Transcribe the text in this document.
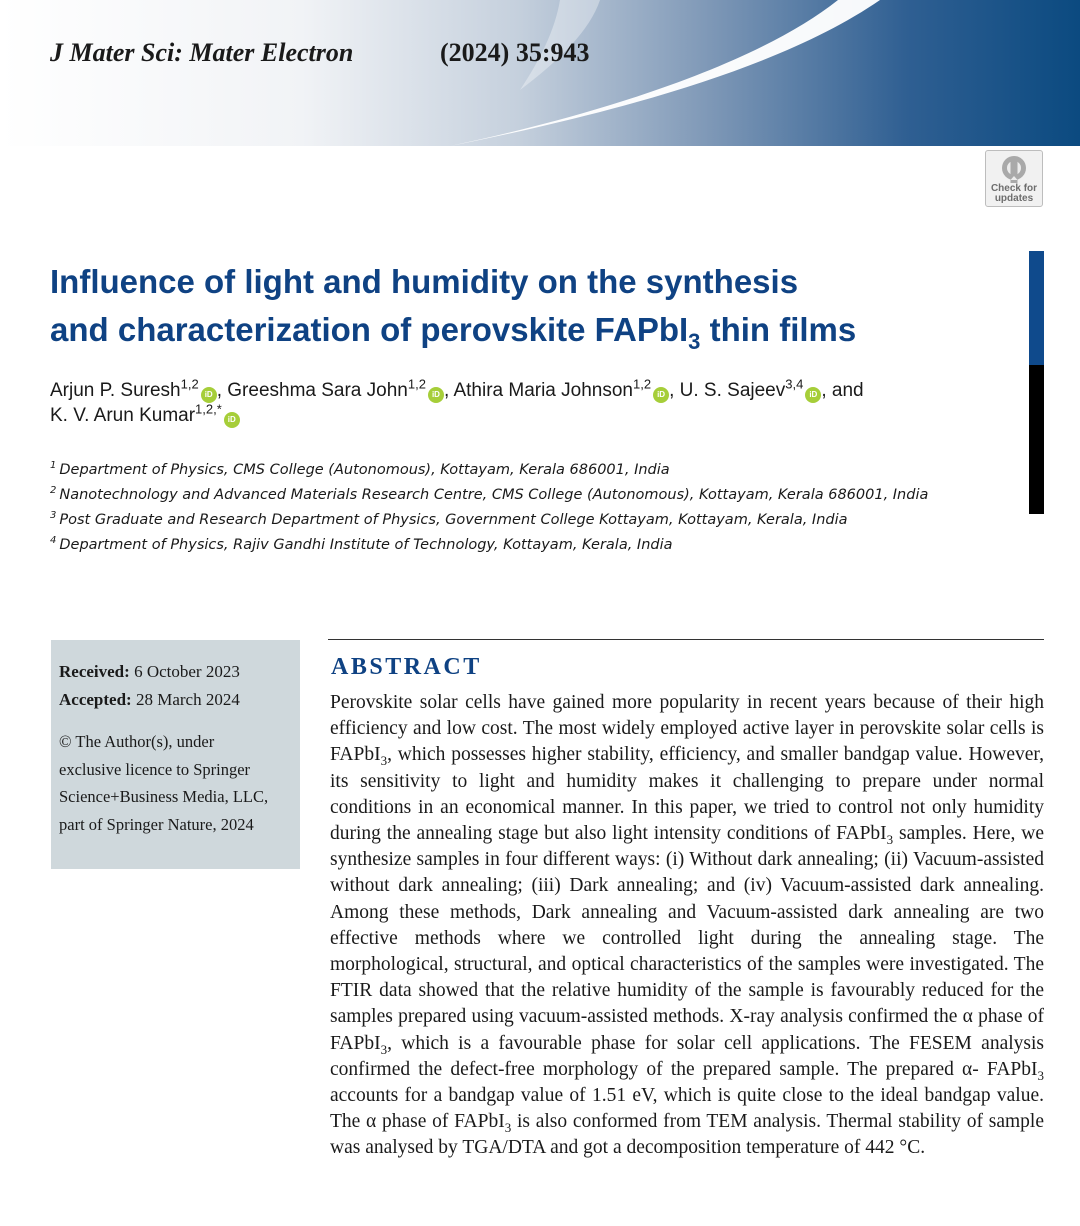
J Mater Sci: Mater Electron	(2024) 35:943
Check for
updates
Influence of light and humidity on the synthesis
and characterization of perovskite FAPbI$_3$ thin films
Arjun P. Suresh$^{1,2}$iD , Greeshma Sara John$^{1,2}$iD , Athira Maria Johnson$^{1,2}$iD , U. S. Sajeev$^{3,4}$iD , and
K. V. Arun Kumar$^{1,2,*}$iD
$^1$ Department of Physics, CMS College (Autonomous), Kottayam, Kerala 686001, India
$^2$ Nanotechnology and Advanced Materials Research Centre, CMS College (Autonomous), Kottayam, Kerala 686001, India
$^3$ Post Graduate and Research Department of Physics, Government College Kottayam, Kottayam, Kerala, India
$^4$ Department of Physics, Rajiv Gandhi Institute of Technology, Kottayam, Kerala, India
Received: 6 October 2023
Accepted: 28 March 2024
© The Author(s), under
exclusive licence to Springer
Science+Business Media, LLC,
part of Springer Nature, 2024
ABSTRACT
Perovskite solar cells have gained more popularity in recent years because of their high efficiency and low cost. The most widely employed active layer in perovskite solar cells is FAPbI$_3$, which possesses higher stability, efficiency, and smaller bandgap value. However, its sensitivity to light and humidity makes it challenging to prepare under normal conditions in an economical manner. In this paper, we tried to control not only humidity during the annealing stage but also light intensity conditions of FAPbI$_3$ samples. Here, we synthesize samples in four different ways: (i) Without dark annealing; (ii) Vacuum-assisted without dark annealing; (iii) Dark annealing; and (iv) Vacuum-assisted dark annealing. Among these methods, Dark annealing and Vacuum-assisted dark annealing are two effective methods where we controlled light during the annealing stage. The morphological, structural, and optical characteristics of the samples were investigated. The FTIR data showed that the relative humidity of the sample is favourably reduced for the samples prepared using vacuum-assisted methods. X-ray analysis confirmed the α phase of FAPbI$_3$, which is a favourable phase for solar cell applications. The FESEM analysis confirmed the defect-free morphology of the prepared sample. The prepared α- FAPbI$_3$ accounts for a bandgap value of 1.51 eV, which is quite close to the ideal bandgap value. The α phase of FAPbI$_3$ is also conformed from TEM analysis. Thermal stability of sample was analysed by TGA/DTA and got a decomposition temperature of 442 °C.
